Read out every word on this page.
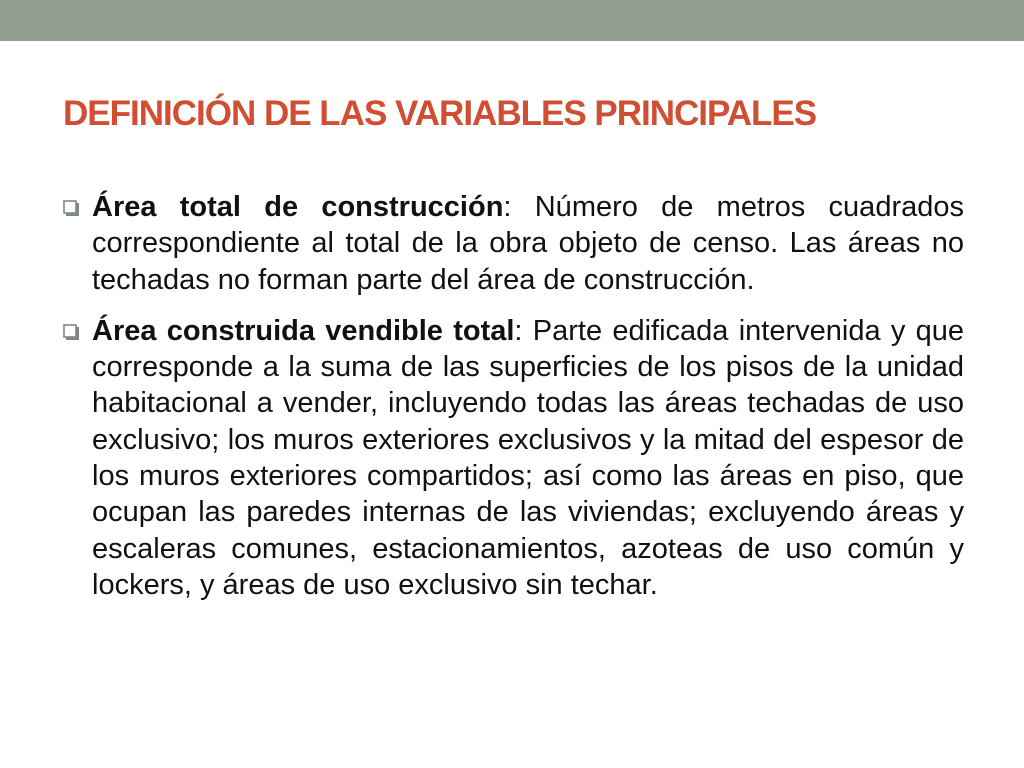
DEFINICIÓN DE LAS VARIABLES PRINCIPALES
Área total de construcción: Número de metros cuadrados correspondiente al total de la obra objeto de censo. Las áreas no techadas no forman parte del área de construcción.
Área construida vendible total: Parte edificada intervenida y que corresponde a la suma de las superficies de los pisos de la unidad habitacional a vender, incluyendo todas las áreas techadas de uso exclusivo; los muros exteriores exclusivos y la mitad del espesor de los muros exteriores compartidos; así como las áreas en piso, que ocupan las paredes internas de las viviendas; excluyendo áreas y escaleras comunes, estacionamientos, azoteas de uso común y lockers, y áreas de uso exclusivo sin techar.
